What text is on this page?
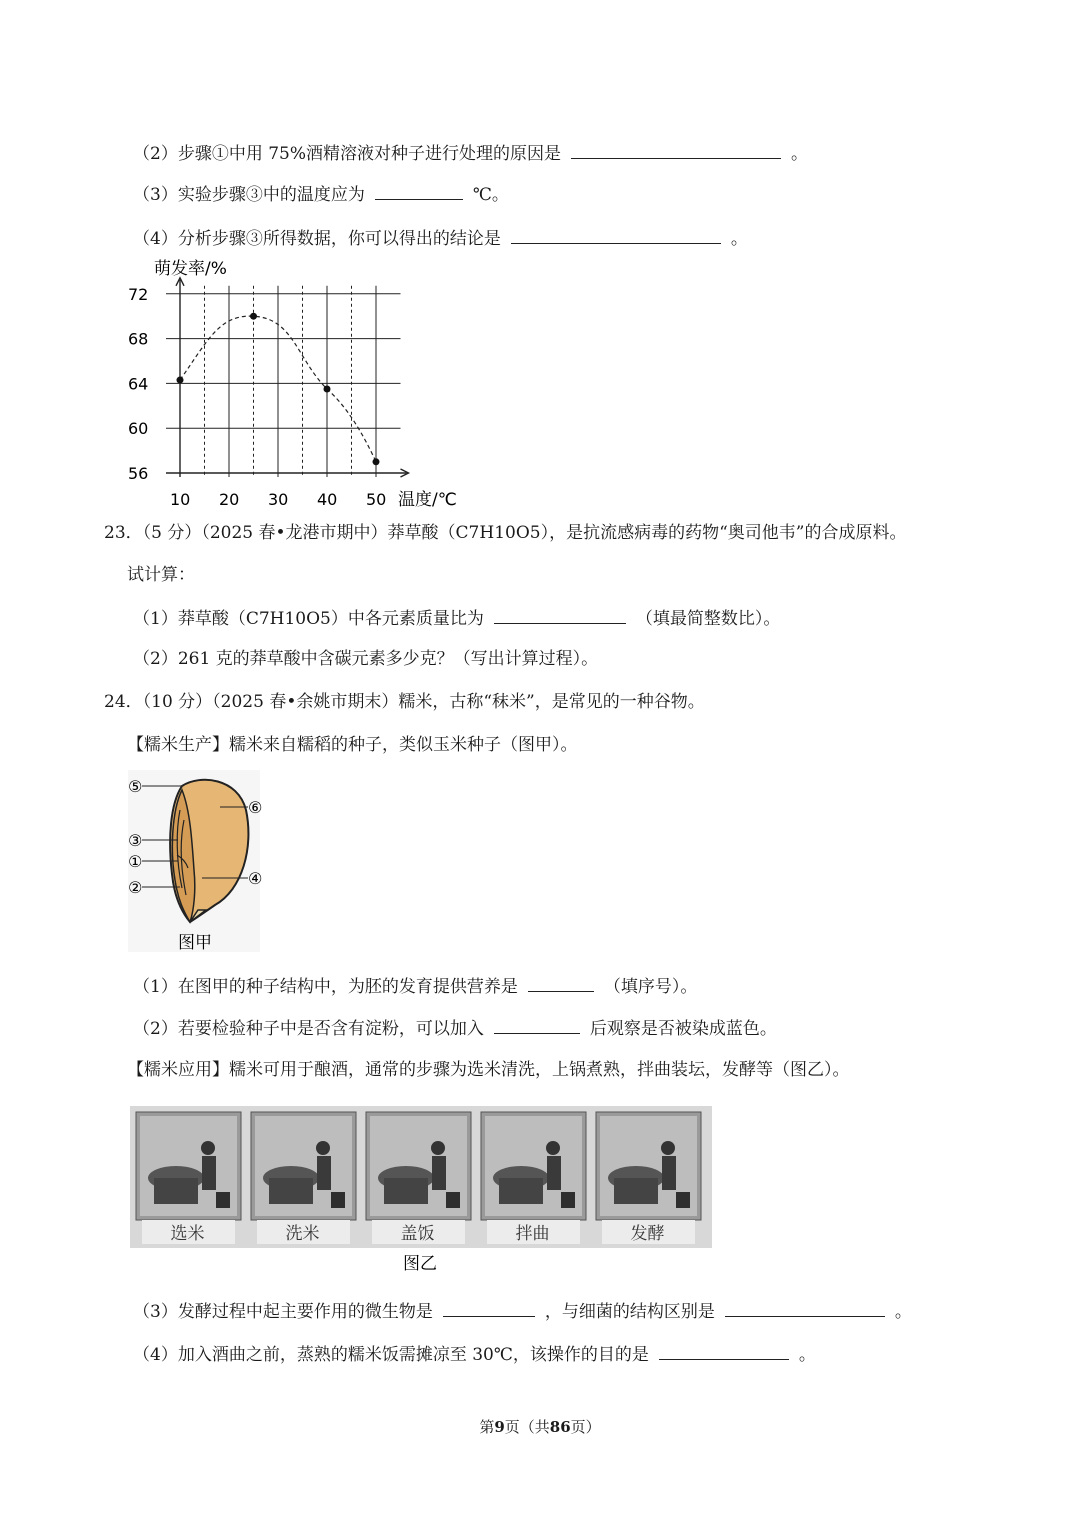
（2）步骤①中用 75%酒精溶液对种子进行处理的原因是	。
（3）实验步骤③中的温度应为	℃。
（4）分析步骤③所得数据，你可以得出的结论是	。
56
60
64
68
72
10 20 30 40 50
萌发率/%
温度/℃
23．（5 分）（2025 春•龙港市期中）莽草酸（C7H10O5），是抗流感病毒的药物“奥司他韦”的合成原料。
试计算：
（1）莽草酸（C7H10O5）中各元素质量比为	（填最简整数比）。
（2）261 克的莽草酸中含碳元素多少克？（写出计算过程）。
24．（10 分）（2025 春•余姚市期末）糯米，古称“秣米”，是常见的一种谷物。
【糯米生产】糯米来自糯稻的种子，类似玉米种子（图甲）。
⑤
③
①
②
⑥
④
图甲
（1）在图甲的种子结构中，为胚的发育提供营养是	（填序号）。
（2）若要检验种子中是否含有淀粉，可以加入	后观察是否被染成蓝色。
【糯米应用】糯米可用于酿酒，通常的步骤为选米清洗，上锅煮熟，拌曲装坛，发酵等（图乙）。
选米	洗米	盖饭	拌曲	发酵
图乙
（3）发酵过程中起主要作用的微生物是	，与细菌的结构区别是	。
（4）加入酒曲之前，蒸熟的糯米饭需摊凉至 30℃，该操作的目的是	。
第9页（共86页）
